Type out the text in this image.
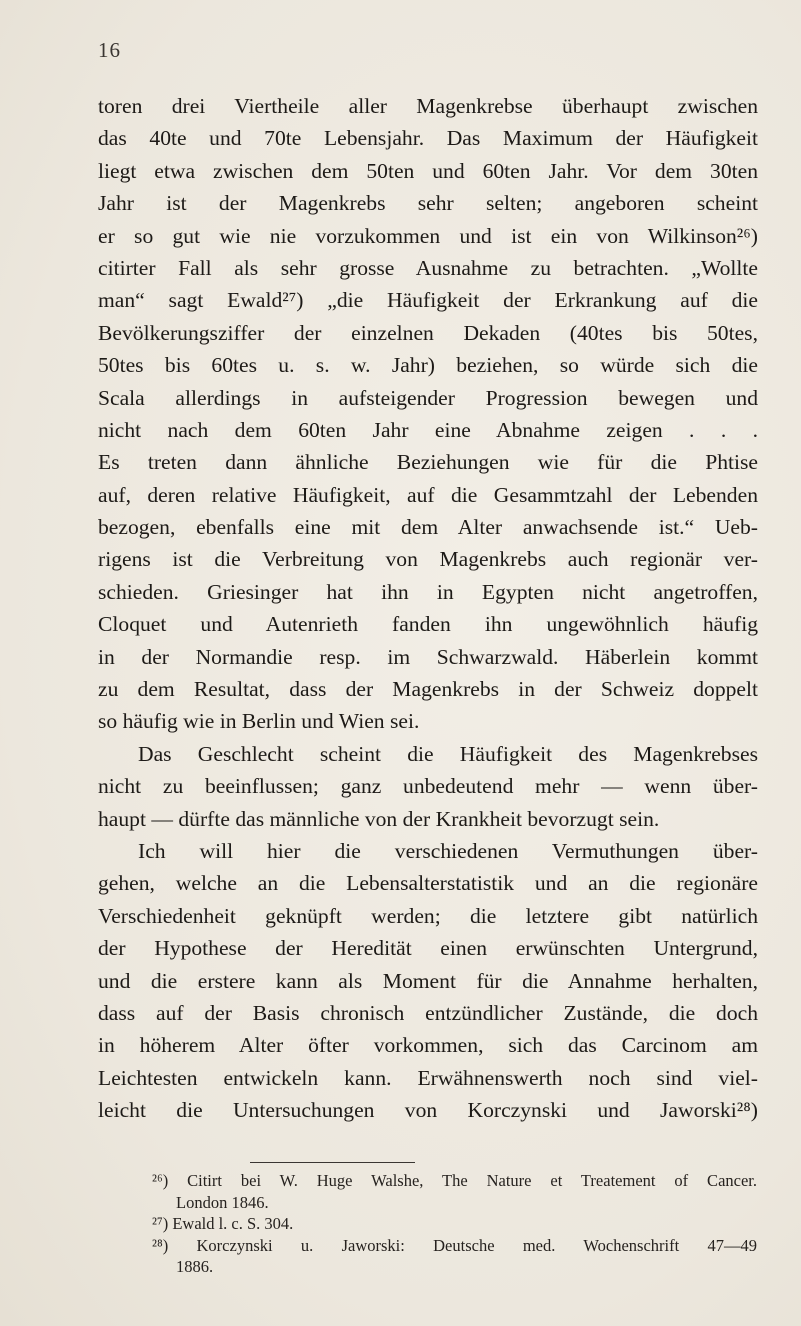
16
toren drei Viertheile aller Magenkrebse überhaupt zwischen
das 40te und 70te Lebensjahr. Das Maximum der Häufigkeit
liegt etwa zwischen dem 50ten und 60ten Jahr. Vor dem 30ten
Jahr ist der Magenkrebs sehr selten; angeboren scheint
er so gut wie nie vorzukommen und ist ein von Wilkinson²⁶)
citirter Fall als sehr grosse Ausnahme zu betrachten. „Wollte
man“ sagt Ewald²⁷) „die Häufigkeit der Erkrankung auf die
Bevölkerungsziffer der einzelnen Dekaden (40tes bis 50tes,
50tes bis 60tes u. s. w. Jahr) beziehen, so würde sich die
Scala allerdings in aufsteigender Progression bewegen und
nicht nach dem 60ten Jahr eine Abnahme zeigen . . .
Es treten dann ähnliche Beziehungen wie für die Phtise
auf, deren relative Häufigkeit, auf die Gesammtzahl der Lebenden
bezogen, ebenfalls eine mit dem Alter anwachsende ist.“ Ueb-
rigens ist die Verbreitung von Magenkrebs auch regionär ver-
schieden. Griesinger hat ihn in Egypten nicht angetroffen,
Cloquet und Autenrieth fanden ihn ungewöhnlich häufig
in der Normandie resp. im Schwarzwald. Häberlein kommt
zu dem Resultat, dass der Magenkrebs in der Schweiz doppelt
so häufig wie in Berlin und Wien sei.
Das Geschlecht scheint die Häufigkeit des Magenkrebses
nicht zu beeinflussen; ganz unbedeutend mehr — wenn über-
haupt — dürfte das männliche von der Krankheit bevorzugt sein.
Ich will hier die verschiedenen Vermuthungen über-
gehen, welche an die Lebensalterstatistik und an die regionäre
Verschiedenheit geknüpft werden; die letztere gibt natürlich
der Hypothese der Heredität einen erwünschten Untergrund,
und die erstere kann als Moment für die Annahme herhalten,
dass auf der Basis chronisch entzündlicher Zustände, die doch
in höherem Alter öfter vorkommen, sich das Carcinom am
Leichtesten entwickeln kann. Erwähnenswerth noch sind viel-
leicht die Untersuchungen von Korczynski und Jaworski²⁸)
²⁶) Citirt bei W. Huge Walshe, The Nature et Treatement of Cancer.
London 1846.
²⁷) Ewald l. c. S. 304.
²⁸) Korczynski u. Jaworski: Deutsche med. Wochenschrift 47—49
1886.
